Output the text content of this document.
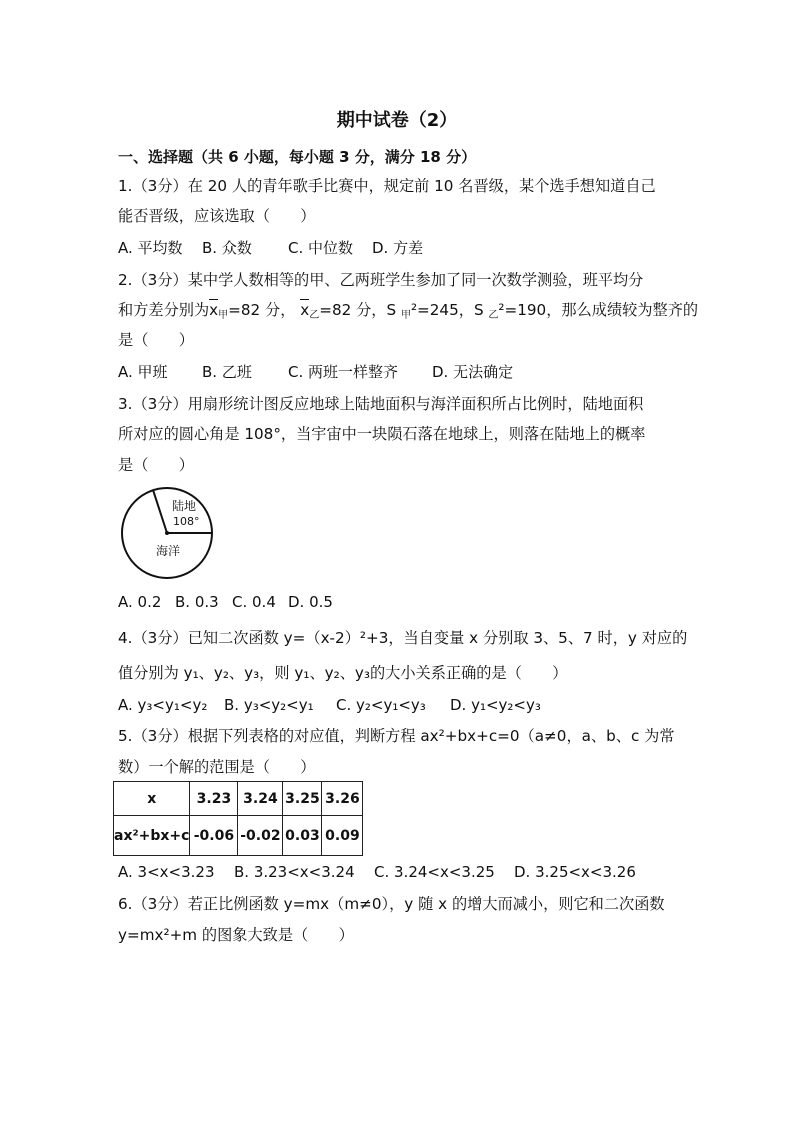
期中试卷（2）
一、选择题（共 6 小题，每小题 3 分，满分 18 分）
1.（3分）在 20 人的青年歌手比赛中，规定前 10 名晋级，某个选手想知道自己
能否晋级，应该选取（　　）
A. 平均数 B. 众数 C. 中位数 D. 方差
2.（3分）某中学人数相等的甲、乙两班学生参加了同一次数学测验，班平均分
和方差分别为$x_甲=82$ 分， $x_乙=82$ 分，S $_甲$²=245，S $_乙$²=190，那么成绩较为整齐的
是（　　）
A. 甲班 B. 乙班 C. 两班一样整齐 D. 无法确定
3.（3分）用扇形统计图反应地球上陆地面积与海洋面积所占比例时，陆地面积
所对应的圆心角是 108°，当宇宙中一块陨石落在地球上，则落在陆地上的概率
是（　　）
陆地
108°
海洋
A. 0.2 B. 0.3 C. 0.4 D. 0.5
4.（3分）已知二次函数 y=（x-2）²+3，当自变量 x 分别取 3、5、7 时，y 对应的
值分别为 y₁、y₂、y₃，则 y₁、y₂、y₃的大小关系正确的是（　　）
A. y₃<y₁<y₂ B. y₃<y₂<y₁ C. y₂<y₁<y₃ D. y₁<y₂<y₃
5.（3分）根据下列表格的对应值，判断方程 ax²+bx+c=0（a≠0，a、b、c 为常
数）一个解的范围是（　　）
x	3.23	3.24	3.25	3.26
ax²+bx+c	-0.06	-0.02	0.03	0.09
A. 3<x<3.23 B. 3.23<x<3.24 C. 3.24<x<3.25 D. 3.25<x<3.26
6.（3分）若正比例函数 y=mx（m≠0），y 随 x 的增大而减小，则它和二次函数
y=mx²+m 的图象大致是（　　）
